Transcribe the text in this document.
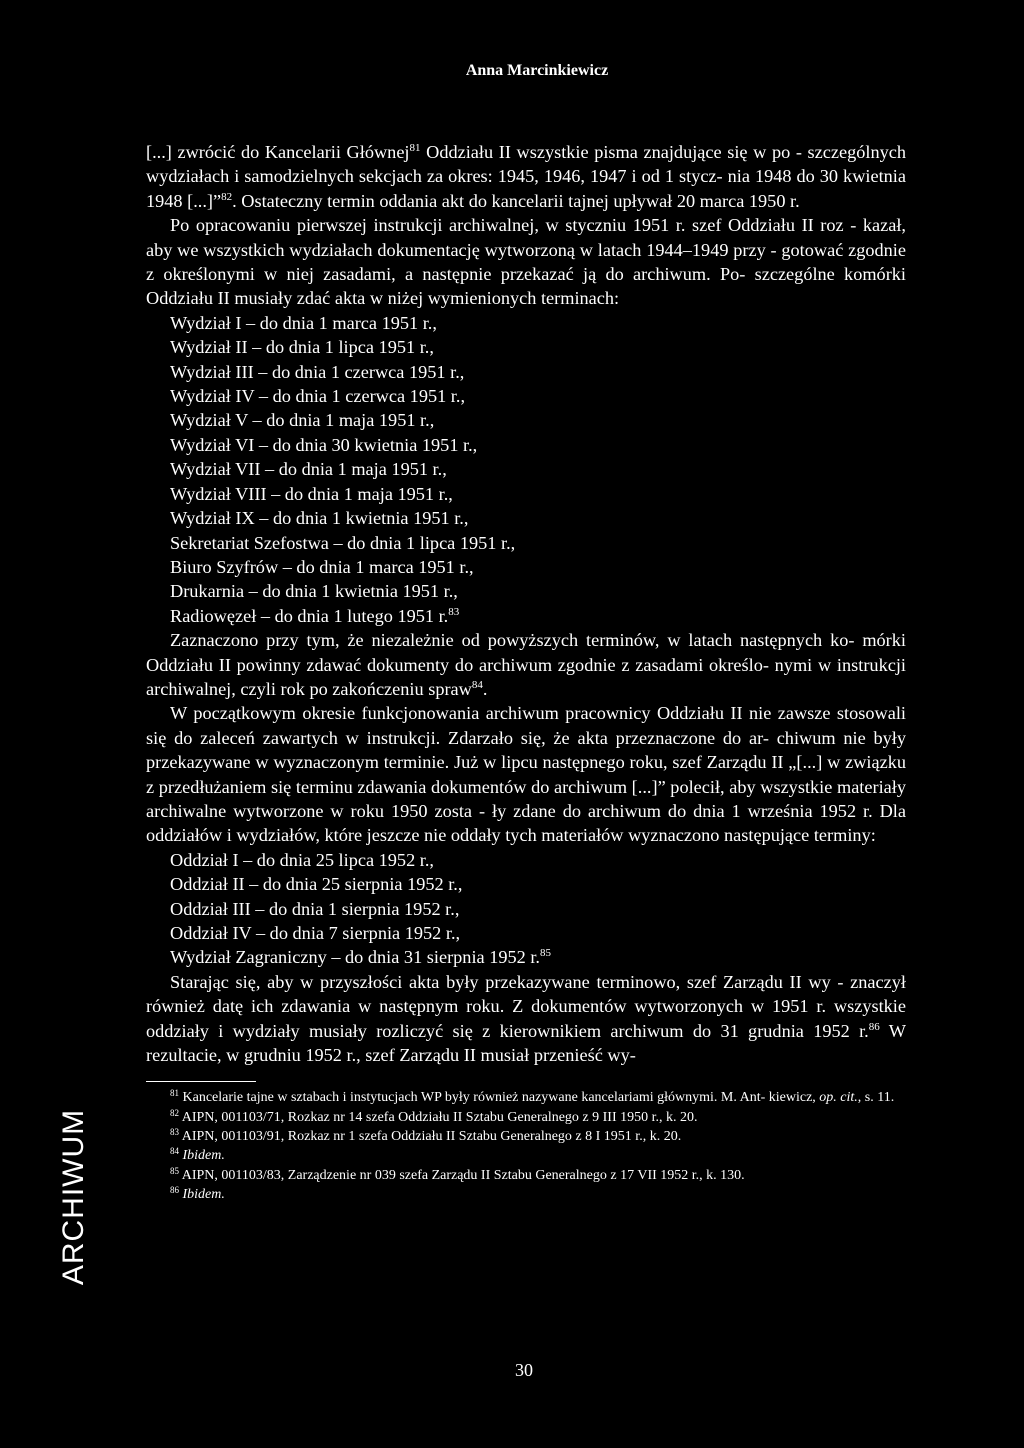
Anna Marcinkiewicz
ARCHIWUM

[...] zwrócić do Kancelarii Głównej$^{81}$ Oddziału II wszystkie pisma znajdujące się w po - szczególnych wydziałach i samodzielnych sekcjach za okres: 1945, 1946, 1947 i od 1 stycz- nia 1948 do 30 kwietnia 1948 [...]”$^{82}$. Ostateczny termin oddania akt do kancelarii tajnej upływał 20 marca 1950 r.

Po opracowaniu pierwszej instrukcji archiwalnej, w styczniu 1951 r. szef Oddziału II roz - kazał, aby we wszystkich wydziałach dokumentację wytworzoną w latach 1944–1949 przy - gotować zgodnie z określonymi w niej zasadami, a następnie przekazać ją do archiwum. Po- szczególne komórki Oddziału II musiały zdać akta w niżej wymienionych terminach:

Wydział I – do dnia 1 marca 1951 r.,

Wydział II – do dnia 1 lipca 1951 r.,

Wydział III – do dnia 1 czerwca 1951 r.,

Wydział IV – do dnia 1 czerwca 1951 r.,

Wydział V – do dnia 1 maja 1951 r.,

Wydział VI – do dnia 30 kwietnia 1951 r.,

Wydział VII – do dnia 1 maja 1951 r.,

Wydział VIII – do dnia 1 maja 1951 r.,

Wydział IX – do dnia 1 kwietnia 1951 r.,

Sekretariat Szefostwa – do dnia 1 lipca 1951 r.,

Biuro Szyfrów – do dnia 1 marca 1951 r.,

Drukarnia – do dnia 1 kwietnia 1951 r.,

Radiowęzeł – do dnia 1 lutego 1951 r.$^{83}$

Zaznaczono przy tym, że niezależnie od powyższych terminów, w latach następnych ko- mórki Oddziału II powinny zdawać dokumenty do archiwum zgodnie z zasadami określo- nymi w instrukcji archiwalnej, czyli rok po zakończeniu spraw$^{84}$.

W początkowym okresie funkcjonowania archiwum pracownicy Oddziału II nie zawsze stosowali się do zaleceń zawartych w instrukcji. Zdarzało się, że akta przeznaczone do ar- chiwum nie były przekazywane w wyznaczonym terminie. Już w lipcu następnego roku, szef Zarządu II „[...] w związku z przedłużaniem się terminu zdawania dokumentów do archiwum [...]” polecił, aby wszystkie materiały archiwalne wytworzone w roku 1950 zosta - ły zdane do archiwum do dnia 1 września 1952 r. Dla oddziałów i wydziałów, które jeszcze nie oddały tych materiałów wyznaczono następujące terminy:

Oddział I – do dnia 25 lipca 1952 r.,

Oddział II – do dnia 25 sierpnia 1952 r.,

Oddział III – do dnia 1 sierpnia 1952 r.,

Oddział IV – do dnia 7 sierpnia 1952 r.,

Wydział Zagraniczny – do dnia 31 sierpnia 1952 r.$^{85}$

Starając się, aby w przyszłości akta były przekazywane terminowo, szef Zarządu II wy - znaczył również datę ich zdawania w następnym roku. Z dokumentów wytworzonych w 1951 r. wszystkie oddziały i wydziały musiały rozliczyć się z kierownikiem archiwum do 31 grudnia 1952 r.$^{86}$ W rezultacie, w grudniu 1952 r., szef Zarządu II musiał przenieść wy-

$^{81}$ Kancelarie tajne w sztabach i instytucjach WP były również nazywane kancelariami głównymi. M. Ant- kiewicz, op. cit., s. 11.

$^{82}$ AIPN, 001103/71, Rozkaz nr 14 szefa Oddziału II Sztabu Generalnego z 9 III 1950 r., k. 20.

$^{83}$ AIPN, 001103/91, Rozkaz nr 1 szefa Oddziału II Sztabu Generalnego z 8 I 1951 r., k. 20.

$^{84}$ Ibidem.

$^{85}$ AIPN, 001103/83, Zarządzenie nr 039 szefa Zarządu II Sztabu Generalnego z 17 VII 1952 r., k. 130.

$^{86}$ Ibidem.

30
